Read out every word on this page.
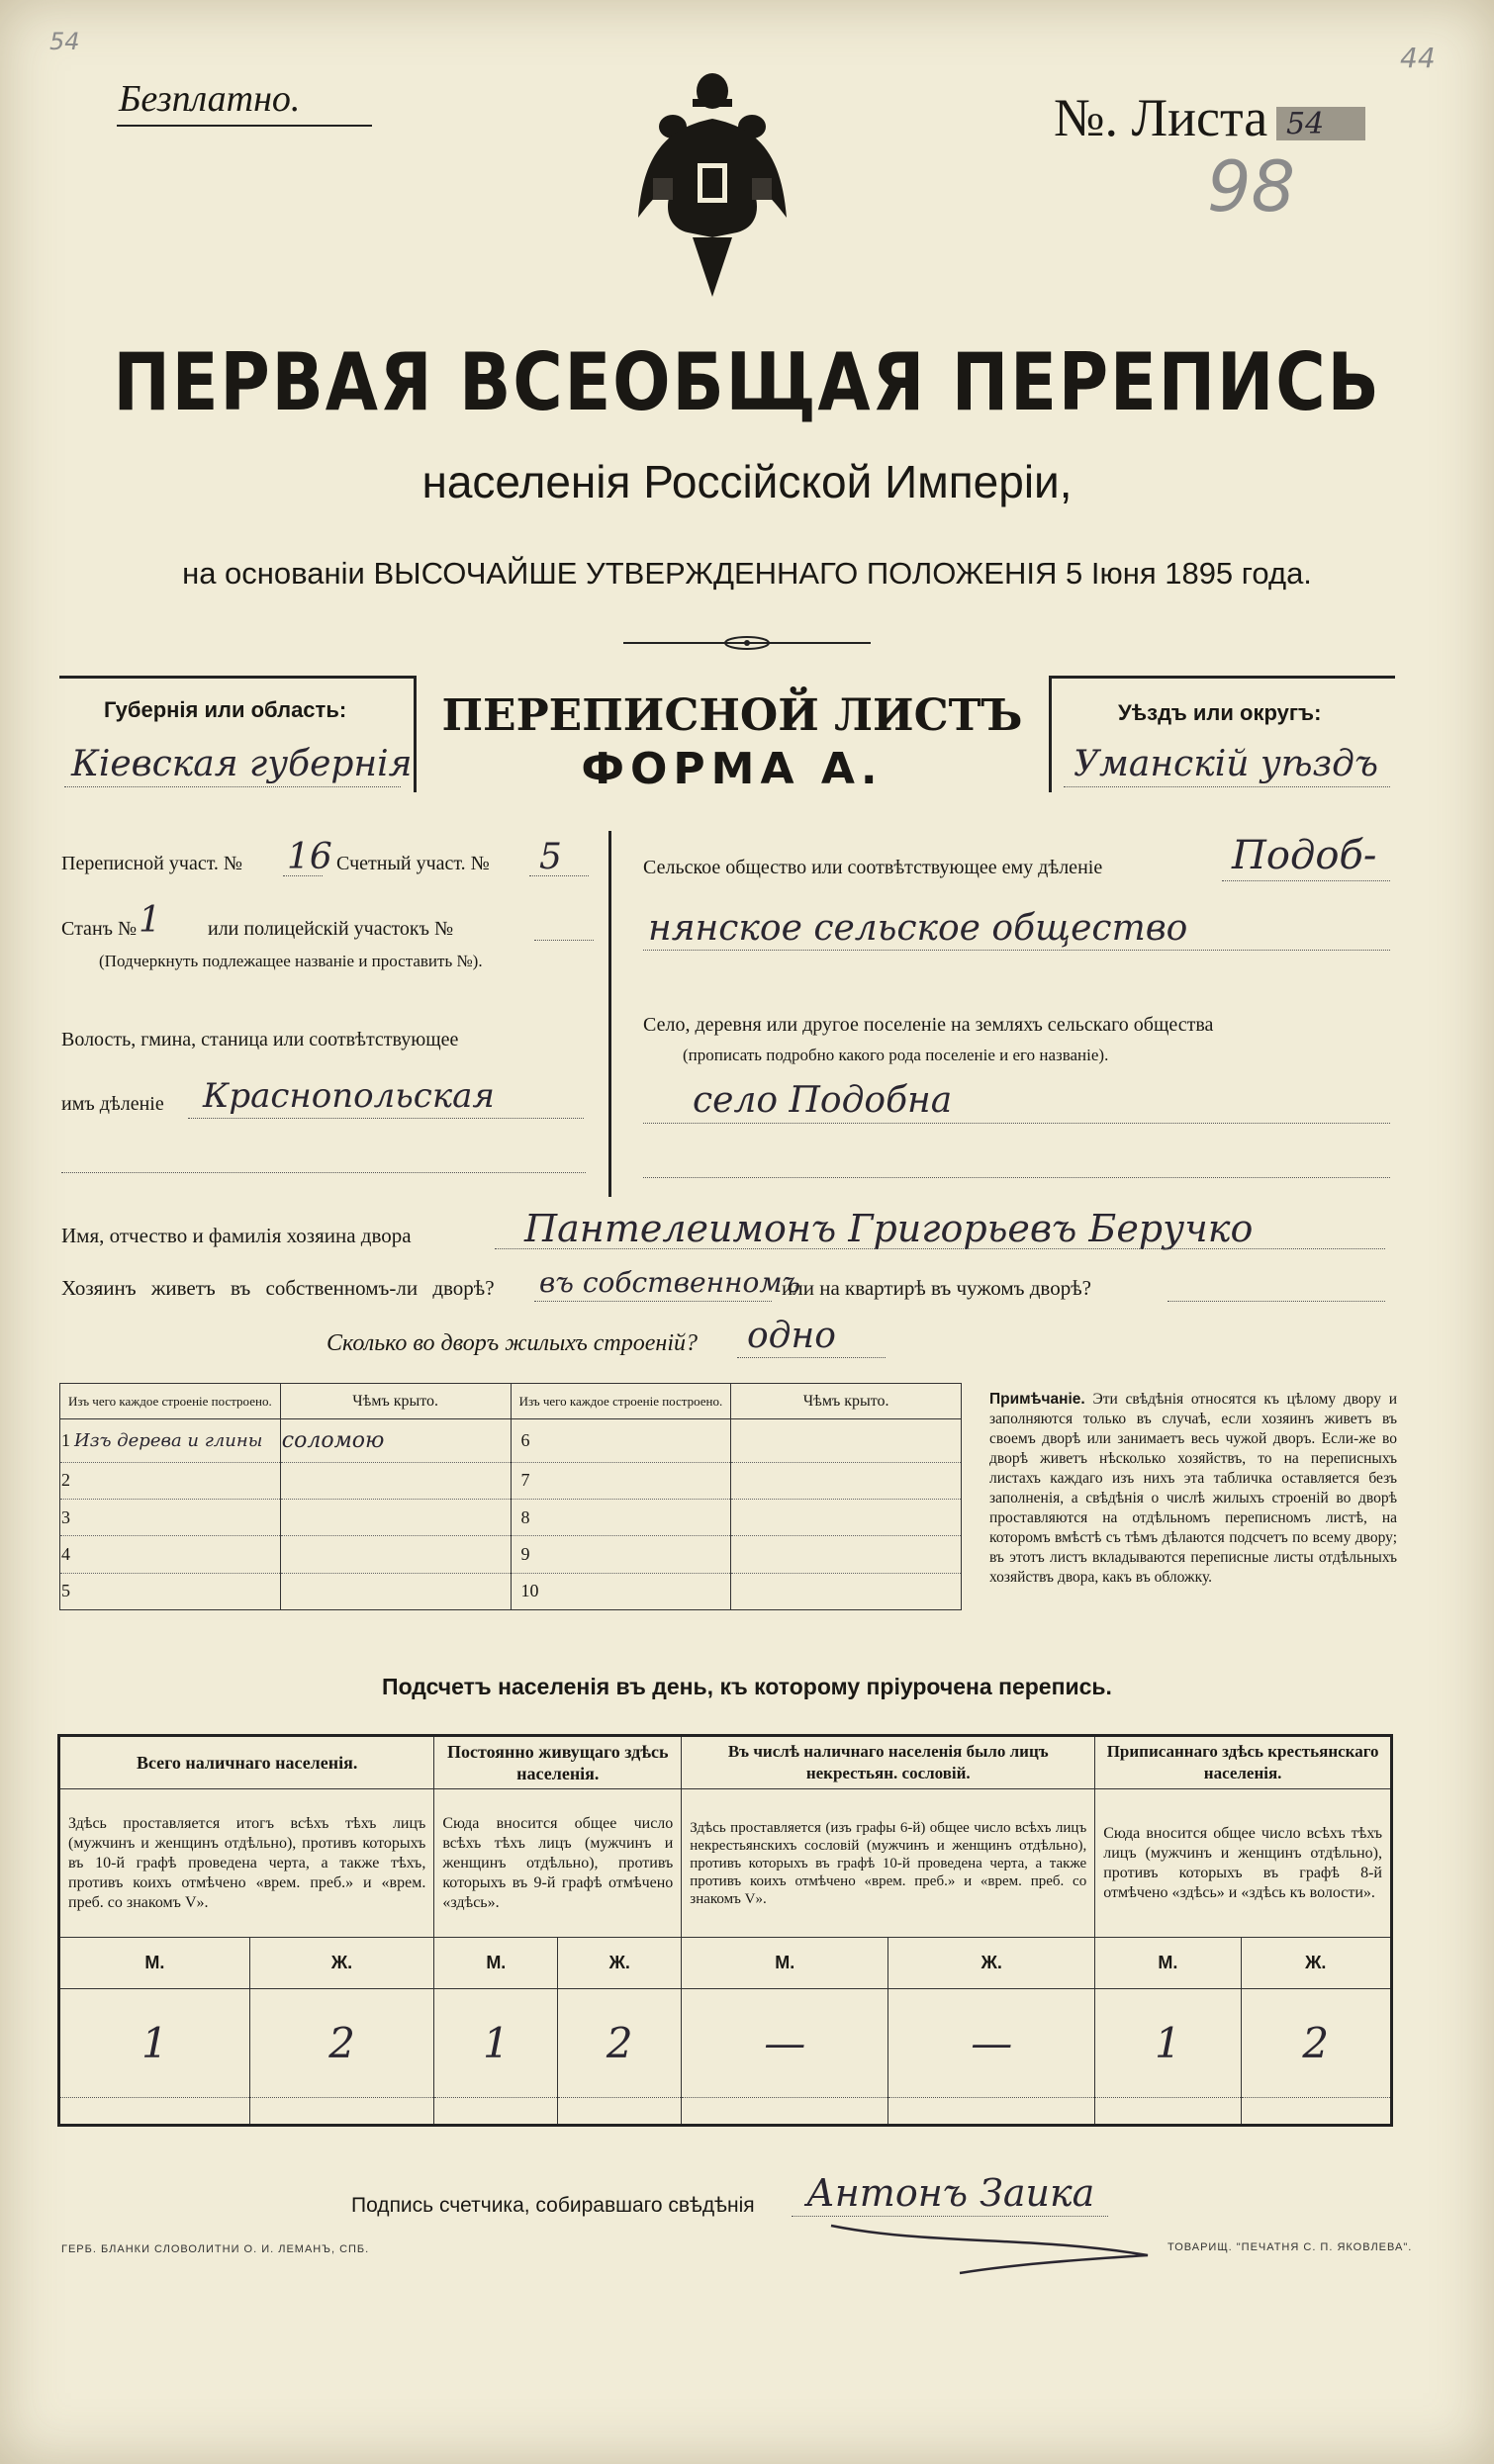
54	44
Безплатно.	№. Листа 54
98
ПЕРВАЯ ВСЕОБЩАЯ ПЕРЕПИСЬ
населенія Россійской Имперіи,
на основаніи ВЫСОЧАЙШЕ УТВЕРЖДЕННАГО ПОЛОЖЕНІЯ 5 Іюня 1895 года.
Губернія или область:
Кіевская губернія
ПЕРЕПИСНОЙ ЛИСТЪ
ФОРМА А.
Уѣздъ или округъ:
Уманскій уѣздъ
Переписной участ. № 16 Счетный участ. № 5
Станъ № 1 или полицейскій участокъ №
(Подчеркнуть подлежащее названіе и проставить №).
Волость, гмина, станица или соотвѣтствующее
имъ дѣленіе Краснопольская
Сельское общество или соотвѣтствующее ему дѣленіе	Подоб-
нянское сельское общество
Село, деревня или другое поселеніе на земляхъ сельскаго общества
(прописать подробно какого рода поселеніе и его названіе).
село Подобна
Имя, отчество и фамилія хозяина двора	Пантелеимонъ Григорьевъ Беручко
Хозяинъ живетъ въ собственномъ-ли дворѣ? въ собственномъ
или на квартирѣ въ чужомъ дворѣ?
Сколько во дворъ жилыхъ строеній? одно
Изъ чего каждое строеніе построено.	Чѣмъ крыто.	Изъ чего каждое строеніе построено.	Чѣмъ крыто.
1 Изъ дерева и глины	соломою	6	
2		7	
3		8	
4		9	
5		10	
Примѣчаніе. Эти свѣдѣнія относятся къ цѣлому двору и заполняются только въ случаѣ, если хозяинъ живетъ въ своемъ дворѣ или занимаетъ весь чужой дворъ. Если-же во дворѣ живетъ нѣсколько хозяйствъ, то на переписныхъ листахъ каждаго изъ нихъ эта табличка оставляется безъ заполненія, а свѣдѣнія о числѣ жилыхъ строеній во дворѣ проставляются на отдѣльномъ переписномъ листѣ, на которомъ вмѣстѣ съ тѣмъ дѣлаются подсчетъ по всему двору; въ этотъ листъ вкладываются переписные листы отдѣльныхъ хозяйствъ двора, какъ въ обложку.
Подсчетъ населенія въ день, къ которому пріурочена перепись.
Всего наличнаго населенія.		Постоянно живущаго здѣсь населенія.		Въ числѣ наличнаго населенія было лицъ некрестьян. сословій.		Приписаннаго здѣсь крестьянскаго населенія.	
Здѣсь проставляется итогъ всѣхъ тѣхъ лицъ (мужчинъ и женщинъ отдѣльно), противъ которыхъ въ 10-й графѣ проведена черта, а также тѣхъ, противъ коихъ отмѣчено «врем. преб.» и «врем. преб. со знакомъ V».		Сюда вносится общее число всѣхъ тѣхъ лицъ (мужчинъ и женщинъ отдѣльно), противъ которыхъ въ 9-й графѣ отмѣчено «здѣсь».		Здѣсь проставляется (изъ графы 6-й) общее число всѣхъ лицъ некрестьянскихъ сословій (мужчинъ и женщинъ отдѣльно), противъ которыхъ въ графѣ 10-й проведена черта, а также противъ коихъ отмѣчено «врем. преб.» и «врем. преб. со знакомъ V».		Сюда вносится общее число всѣхъ тѣхъ лицъ (мужчинъ и женщинъ отдѣльно), противъ которыхъ въ графѣ 8-й отмѣчено «здѣсь» и «здѣсь къ волости».	
М.	Ж.	М.	Ж.	М.	Ж.	М.	Ж.
1	2	1	2	—	—	1	2

Подпись счетчика, собиравшаго свѣдѣнія Антонъ Заика
ГЕРБ. БЛАНКИ СЛОВОЛИТНИ О. И. ЛЕМАНЪ, СПБ.	ТОВАРИЩ. "ПЕЧАТНЯ С. П. ЯКОВЛЕВА".
